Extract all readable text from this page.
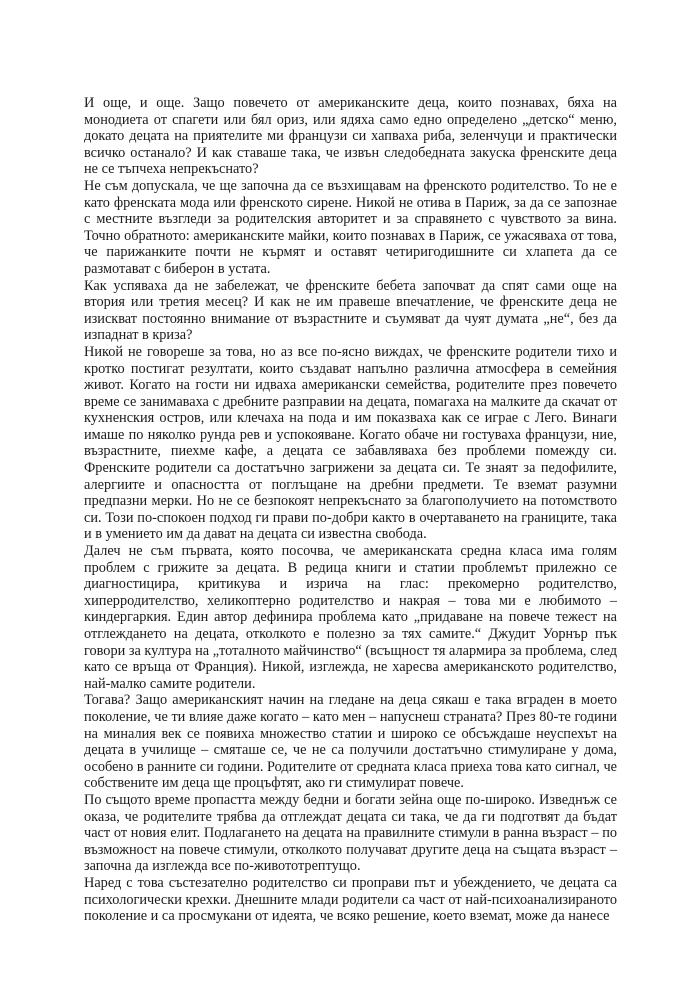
И още, и още. Защо повечето от американските деца, които познавах, бяха на монодиета от спагети или бял ориз, или ядяха само едно определено „детско“ меню, докато децата на приятелите ми французи си хапваха риба, зеленчуци и практически всичко останало? И как ставаше така, че извън следобедната закуска френските деца не се тъпчеха непрекъснато?

Не съм допускала, че ще започна да се възхищавам на френското родителство. То не е като френската мода или френското сирене. Никой не отива в Париж, за да се запознае с местните възгледи за родителския авторитет и за справянето с чувството за вина. Точно обратното: американските майки, които познавах в Париж, се ужасяваха от това, че парижанките почти не кърмят и оставят четиригодишните си хлапета да се размотават с биберон в устата.

Как успяваха да не забележат, че френските бебета започват да спят сами още на втория или третия месец? И как не им правеше впечатление, че френските деца не изискват постоянно внимание от възрастните и съумяват да чуят думата „не“, без да изпаднат в криза?

Никой не говореше за това, но аз все по-ясно виждах, че френските родители тихо и кротко постигат резултати, които създават напълно различна атмосфера в семейния живот. Когато на гости ни идваха американски семейства, родителите през повечето време се занимаваха с дребните разправии на децата, помагаха на малките да скачат от кухненския остров, или клечаха на пода и им показваха как се играе с Лего. Винаги имаше по няколко рунда рев и успокояване. Когато обаче ни гостуваха французи, ние, възрастните, пиехме кафе, а децата се забавляваха без проблеми помежду си. Френските родители са достатъчно загрижени за децата си. Те знаят за педофилите, алергиите и опасността от поглъщане на дребни предмети. Те вземат разумни предпазни мерки. Но не се безпокоят непрекъснато за благополучието на потомството си. Този по-спокоен подход ги прави по-добри както в очертаването на границите, така и в умението им да дават на децата си известна свобода.

Далеч не съм първата, която посочва, че американската средна класа има голям проблем с грижите за децата. В редица книги и статии проблемът прилежно се диагностицира, критикува и изрича на глас: прекомерно родителство, хиперродителство, хеликоптерно родителство и накрая – това ми е любимото – киндергаркия. Един автор дефинира проблема като „придаване на повече тежест на отглеждането на децата, отколкото е полезно за тях самите.“ Джудит Уорнър пък говори за култура на „тоталното майчинство“ (всъщност тя алармира за проблема, след като се връща от Франция). Никой, изглежда, не харесва американското родителство, най-малко самите родители.

Тогава? Защо американският начин на гледане на деца сякаш е така вграден в моето поколение, че ти влияе даже когато – като мен – напуснеш страната? През 80-те години на миналия век се появиха множество статии и широко се обсъждаше неуспехът на децата в училище – смяташе се, че не са получили достатъчно стимулиране у дома, особено в ранните си години. Родителите от средната класа приеха това като сигнал, че собствените им деца ще процъфтят, ако ги стимулират повече.

По същото време пропастта между бедни и богати зейна още по-широко. Изведнъж се оказа, че родителите трябва да отглеждат децата си така, че да ги подготвят да бъдат част от новия елит. Подлагането на децата на правилните стимули в ранна възраст – по възможност на повече стимули, отколкото получават другите деца на същата възраст – започна да изглежда все по-живототрептущо.

Наред с това състезателно родителство си проправи път и убеждението, че децата са психологически крехки. Днешните млади родители са част от най-психоанализираното поколение и са просмукани от идеята, че всяко решение, което вземат, може да нанесе
